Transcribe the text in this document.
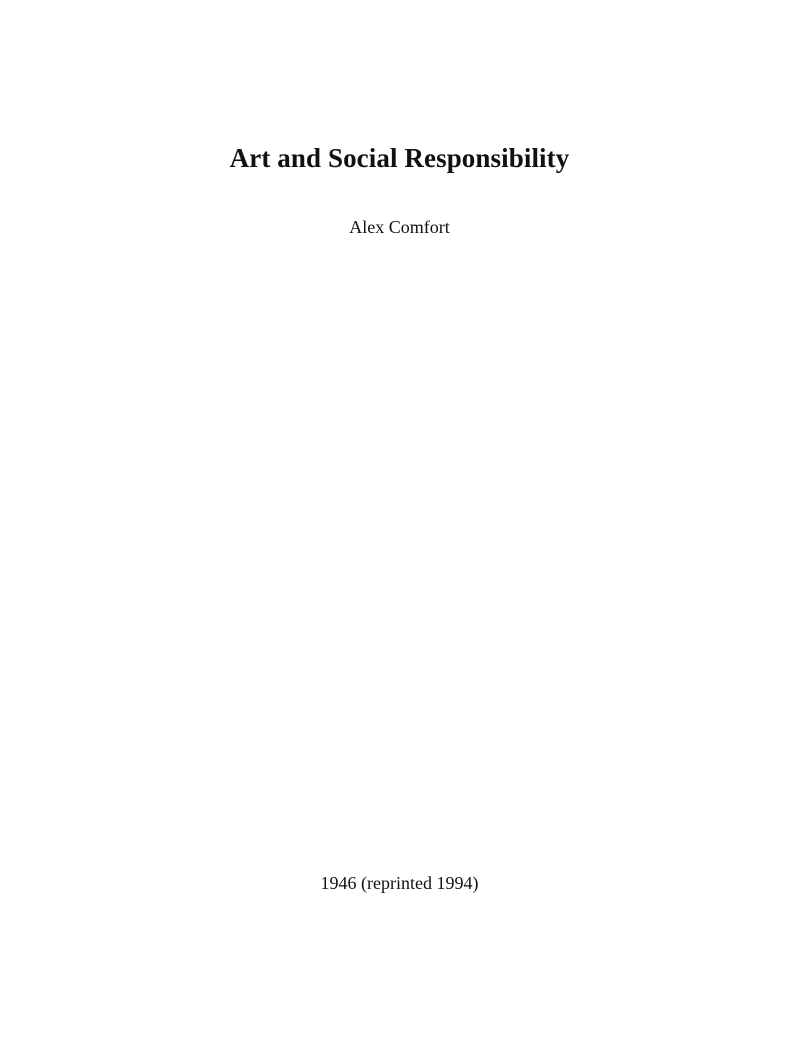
Art and Social Responsibility
Alex Comfort
1946 (reprinted 1994)
